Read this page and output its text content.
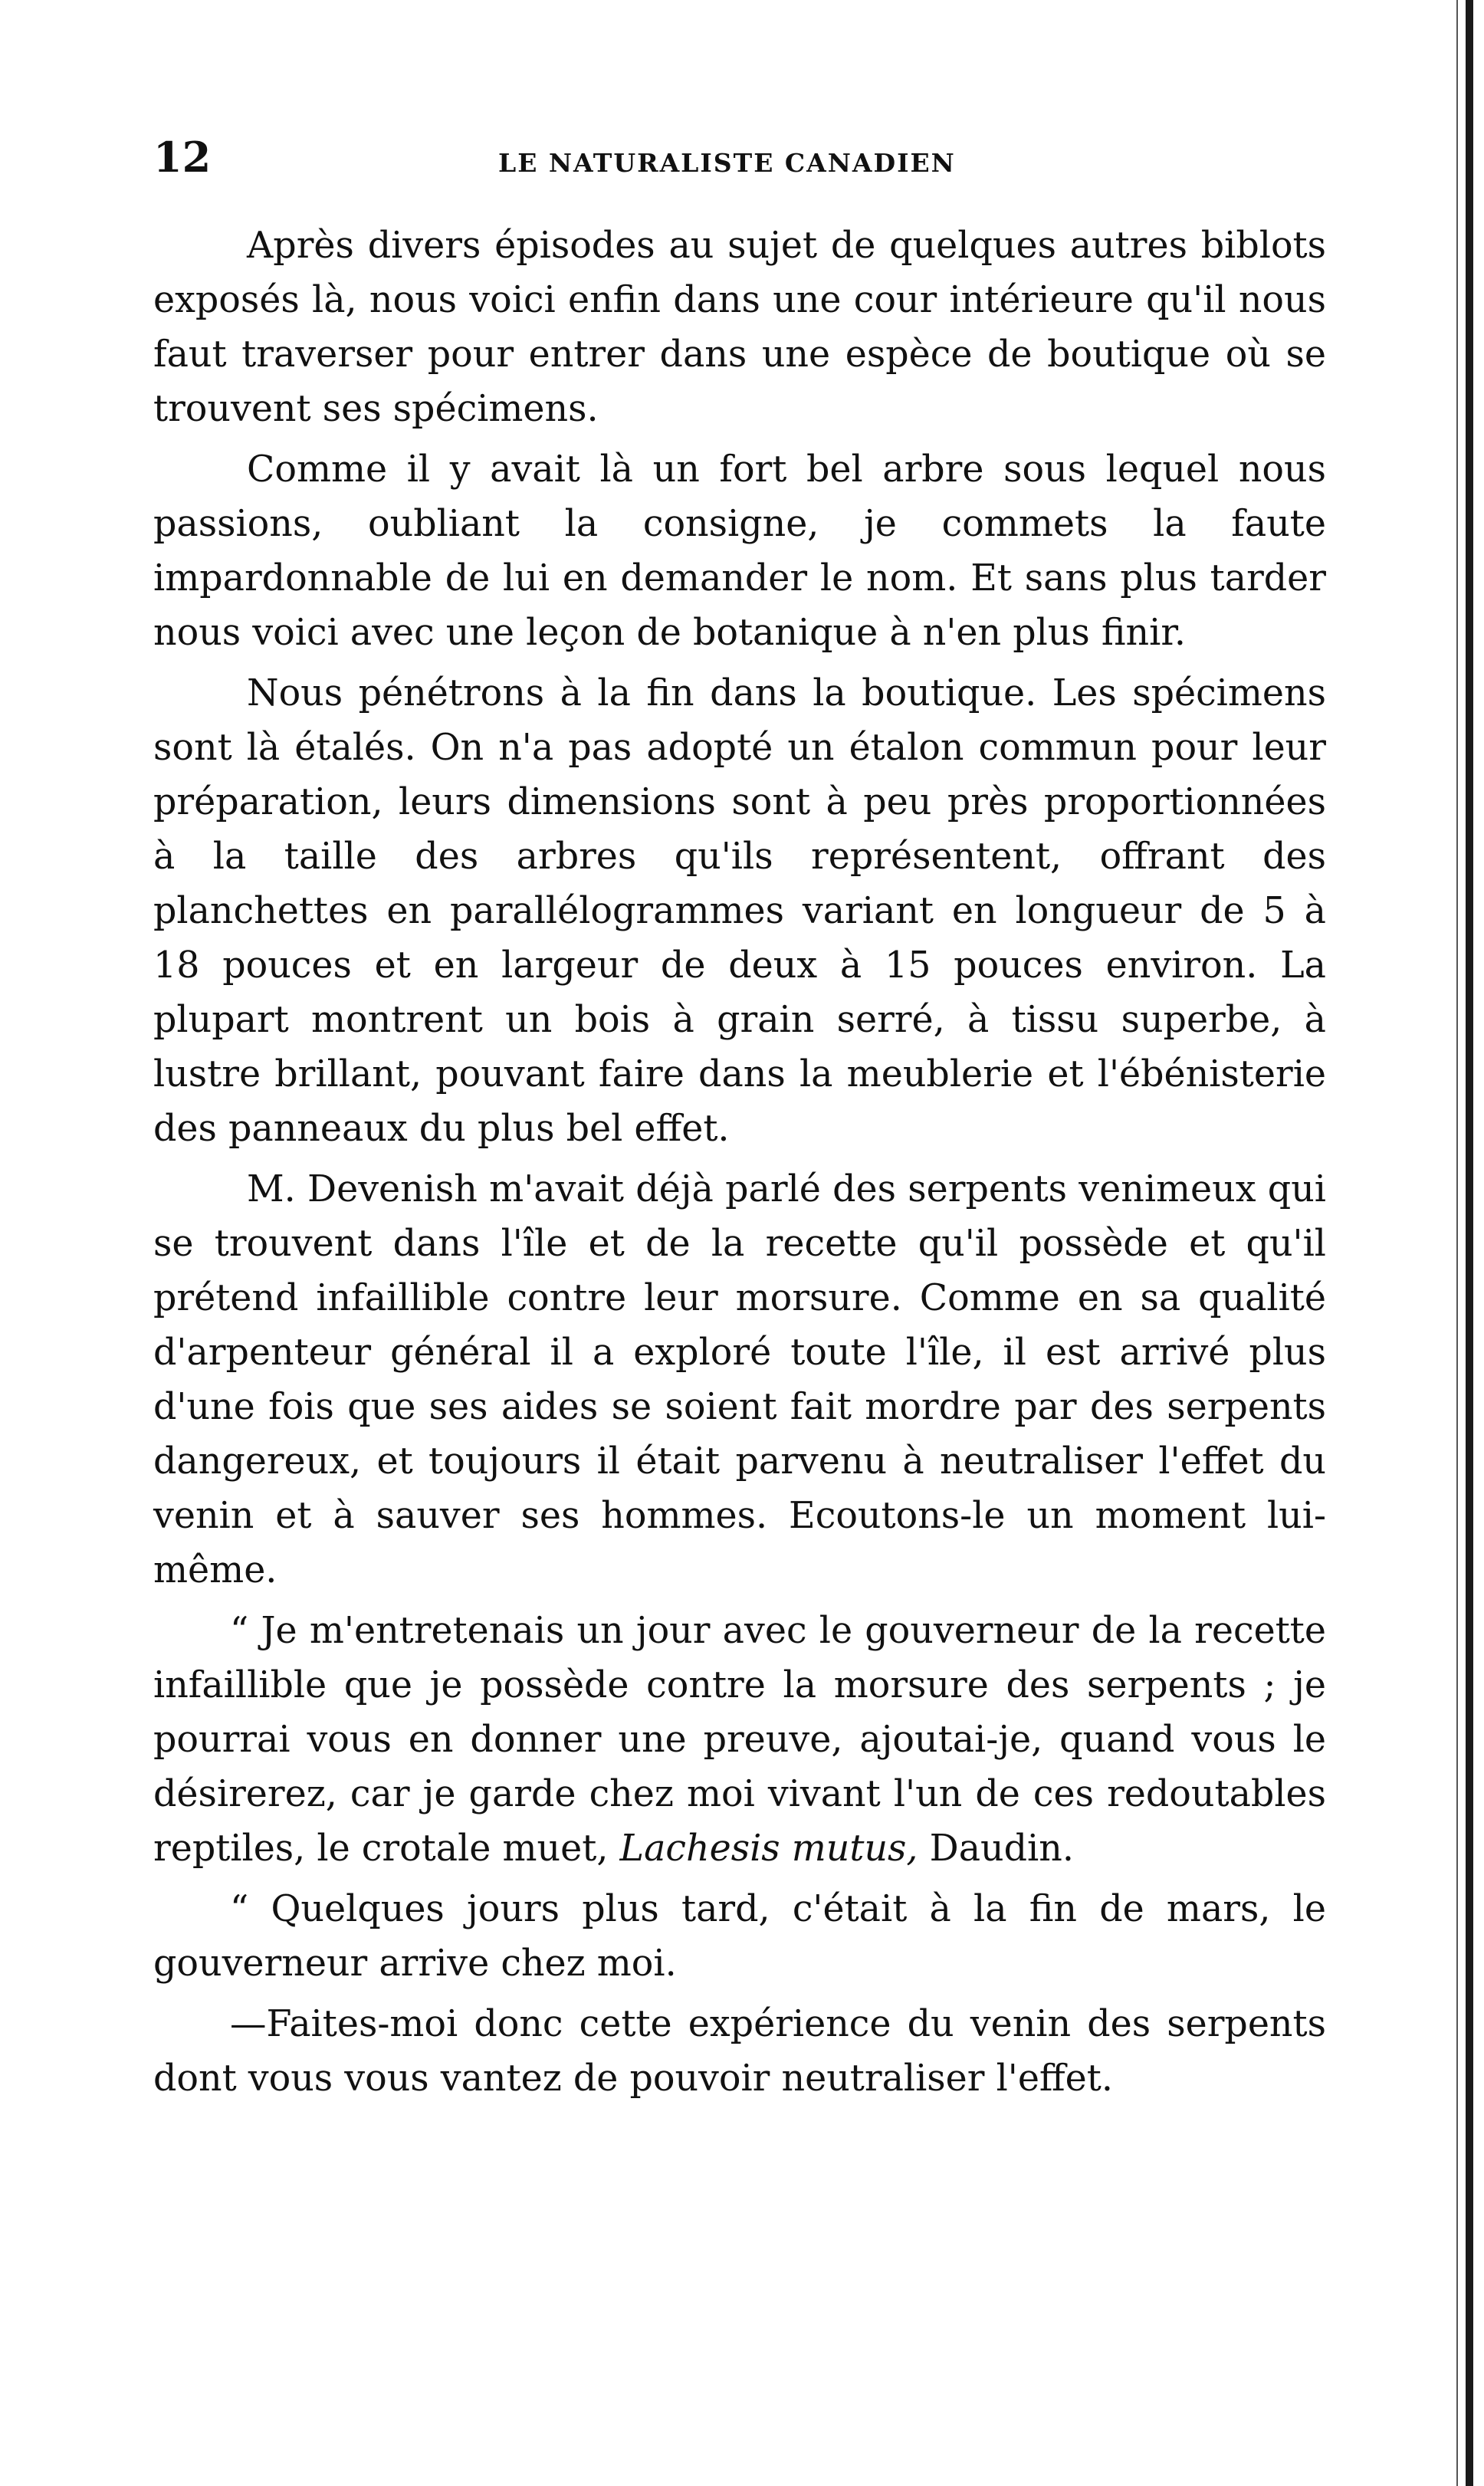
12	LE NATURALISTE CANADIEN

Après divers épisodes au sujet de quelques autres biblots exposés là, nous voici enfin dans une cour intérieure qu'il nous faut traverser pour entrer dans une espèce de boutique où se trouvent ses spécimens.

Comme il y avait là un fort bel arbre sous lequel nous passions, oubliant la consigne, je commets la faute impardonnable de lui en demander le nom. Et sans plus tarder nous voici avec une leçon de botanique à n'en plus finir.

Nous pénétrons à la fin dans la boutique. Les spécimens sont là étalés. On n'a pas adopté un étalon commun pour leur préparation, leurs dimensions sont à peu près proportionnées à la taille des arbres qu'ils représentent, offrant des planchettes en parallélogrammes variant en longueur de 5 à 18 pouces et en largeur de deux à 15 pouces environ. La plupart montrent un bois à grain serré, à tissu superbe, à lustre brillant, pouvant faire dans la meublerie et l'ébénisterie des panneaux du plus bel effet.

M. Devenish m'avait déjà parlé des serpents venimeux qui se trouvent dans l'île et de la recette qu'il possède et qu'il prétend infaillible contre leur morsure. Comme en sa qualité d'arpenteur général il a exploré toute l'île, il est arrivé plus d'une fois que ses aides se soient fait mordre par des serpents dangereux, et toujours il était parvenu à neutraliser l'effet du venin et à sauver ses hommes. Ecoutons-le un moment lui-même.

“ Je m'entretenais un jour avec le gouverneur de la recette infaillible que je possède contre la morsure des serpents ; je pourrai vous en donner une preuve, ajoutai-je, quand vous le désirerez, car je garde chez moi vivant l'un de ces redoutables reptiles, le crotale muet, Lachesis mutus, Daudin.

“ Quelques jours plus tard, c'était à la fin de mars, le gouverneur arrive chez moi.

—Faites-moi donc cette expérience du venin des serpents dont vous vous vantez de pouvoir neutraliser l'effet.
